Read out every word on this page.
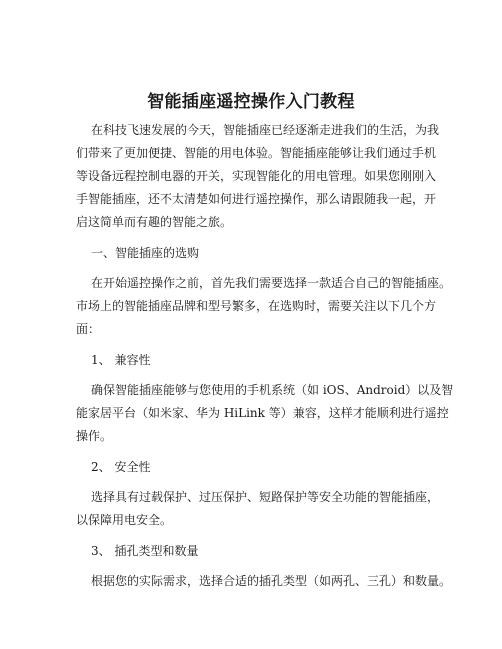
智能插座遥控操作入门教程
在科技飞速发展的今天，智能插座已经逐渐走进我们的生活，为我
们带来了更加便捷、智能的用电体验。智能插座能够让我们通过手机
等设备远程控制电器的开关，实现智能化的用电管理。如果您刚刚入
手智能插座，还不太清楚如何进行遥控操作，那么请跟随我一起，开
启这简单而有趣的智能之旅。
一、智能插座的选购
在开始遥控操作之前，首先我们需要选择一款适合自己的智能插座。
市场上的智能插座品牌和型号繁多，在选购时，需要关注以下几个方
面：
1、 兼容性
确保智能插座能够与您使用的手机系统（如 iOS、Android）以及智
能家居平台（如米家、华为 HiLink 等）兼容，这样才能顺利进行遥控
操作。
2、 安全性
选择具有过载保护、过压保护、短路保护等安全功能的智能插座，
以保障用电安全。
3、 插孔类型和数量
根据您的实际需求，选择合适的插孔类型（如两孔、三孔）和数量。
